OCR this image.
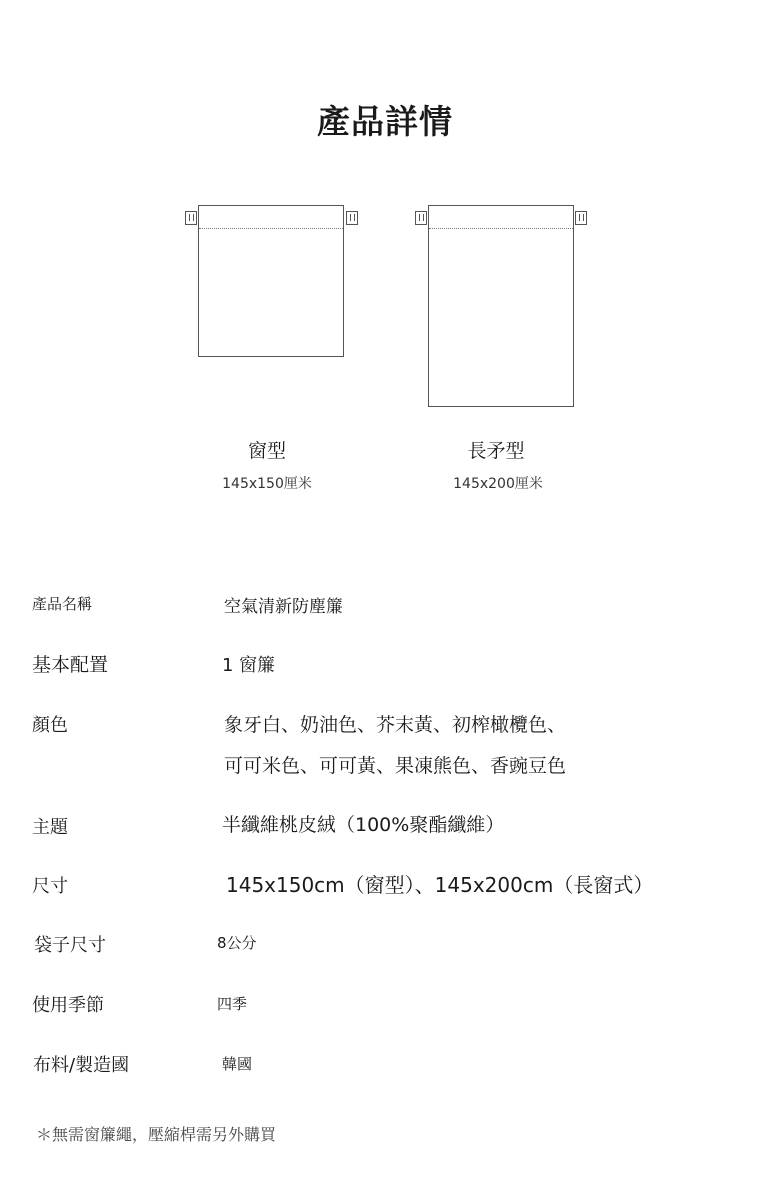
產品詳情
窗型
145x150厘米
長矛型
145x200厘米
產品名稱	空氣清新防塵簾
基本配置	1 窗簾
顏色	象牙白、奶油色、芥末黃、初榨橄欖色、
可可米色、可可黃、果凍熊色、香豌豆色
主題	半纖維桃皮絨（100%聚酯纖維）
尺寸	145x150cm（窗型）、145x200cm（長窗式）
袋子尺寸	8公分
使用季節	四季
布料/製造國	韓國
＊無需窗簾繩，壓縮桿需另外購買
